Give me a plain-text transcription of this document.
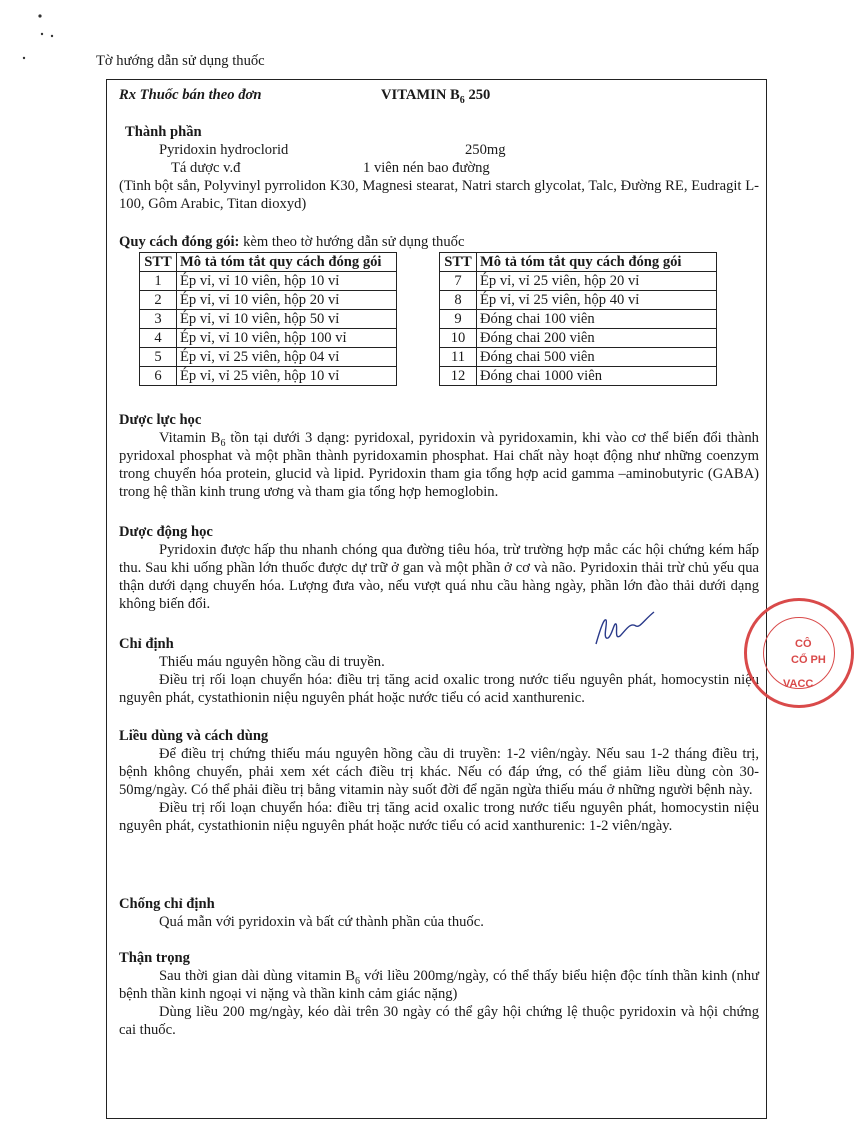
Tờ hướng dẫn sử dụng thuốc
Rx Thuốc bán theo đơn	VITAMIN $B_6$ 250
Thành phần
Pyridoxin hydroclorid	250mg
Tá dược v.đ	1 viên nén bao đường

(Tinh bột sắn, Polyvinyl pyrrolidon K30, Magnesi stearat, Natri starch glycolat, Talc, Đường RE, Eudragit L-100, Gôm Arabic, Titan dioxyd)

Quy cách đóng gói: kèm theo tờ hướng dẫn sử dụng thuốc
STT	Mô tả tóm tắt quy cách đóng gói
1	Ép vỉ, vỉ 10 viên, hộp 10 vỉ
2	Ép vỉ, vỉ 10 viên, hộp 20 vỉ
3	Ép vỉ, vỉ 10 viên, hộp 50 vỉ
4	Ép vỉ, vỉ 10 viên, hộp 100 vỉ
5	Ép vỉ, vỉ 25 viên, hộp 04 vỉ
6	Ép vỉ, vỉ 25 viên, hộp 10 vỉ
STT	Mô tả tóm tắt quy cách đóng gói
7	Ép vỉ, vỉ 25 viên, hộp 20 vỉ
8	Ép vỉ, vỉ 25 viên, hộp 40 vỉ
9	Đóng chai 100 viên
10	Đóng chai 200 viên
11	Đóng chai 500 viên
12	Đóng chai 1000 viên
Dược lực học

Vitamin $B_6$ tồn tại dưới 3 dạng: pyridoxal, pyridoxin và pyridoxamin, khi vào cơ thể biến đổi thành pyridoxal phosphat và một phần thành pyridoxamin phosphat. Hai chất này hoạt động như những coenzym trong chuyển hóa protein, glucid và lipid. Pyridoxin tham gia tổng hợp acid gamma –aminobutyric (GABA) trong hệ thần kinh trung ương và tham gia tổng hợp hemoglobin.

Dược động học

Pyridoxin được hấp thu nhanh chóng qua đường tiêu hóa, trừ trường hợp mắc các hội chứng kém hấp thu. Sau khi uống phần lớn thuốc được dự trữ ở gan và một phần ở cơ và não. Pyridoxin thải trừ chủ yếu qua thận dưới dạng chuyển hóa. Lượng đưa vào, nếu vượt quá nhu cầu hàng ngày, phần lớn đào thải dưới dạng không biến đổi.

Chỉ định

Thiếu máu nguyên hồng cầu di truyền.

Điều trị rối loạn chuyển hóa: điều trị tăng acid oxalic trong nước tiểu nguyên phát, homocystin niệu nguyên phát, cystathionin niệu nguyên phát hoặc nước tiểu có acid xanthurenic.

Liều dùng và cách dùng

Để điều trị chứng thiếu máu nguyên hồng cầu di truyền: 1-2 viên/ngày. Nếu sau 1-2 tháng điều trị, bệnh không chuyển, phải xem xét cách điều trị khác. Nếu có đáp ứng, có thể giảm liều dùng còn 30-50mg/ngày. Có thể phải điều trị bằng vitamin này suốt đời để ngăn ngừa thiếu máu ở những người bệnh này.

Điều trị rối loạn chuyển hóa: điều trị tăng acid oxalic trong nước tiểu nguyên phát, homocystin niệu nguyên phát, cystathionin niệu nguyên phát hoặc nước tiểu có acid xanthurenic: 1-2 viên/ngày.

Chống chỉ định

Quá mẫn với pyridoxin và bất cứ thành phần của thuốc.

Thận trọng

Sau thời gian dài dùng vitamin $B_6$ với liều 200mg/ngày, có thể thấy biểu hiện độc tính thần kinh (như bệnh thần kinh ngoại vi nặng và thần kinh cảm giác nặng)

Dùng liều 200 mg/ngày, kéo dài trên 30 ngày có thể gây hội chứng lệ thuộc pyridoxin và hội chứng cai thuốc.

CÔ
CỔ PH
VACC
